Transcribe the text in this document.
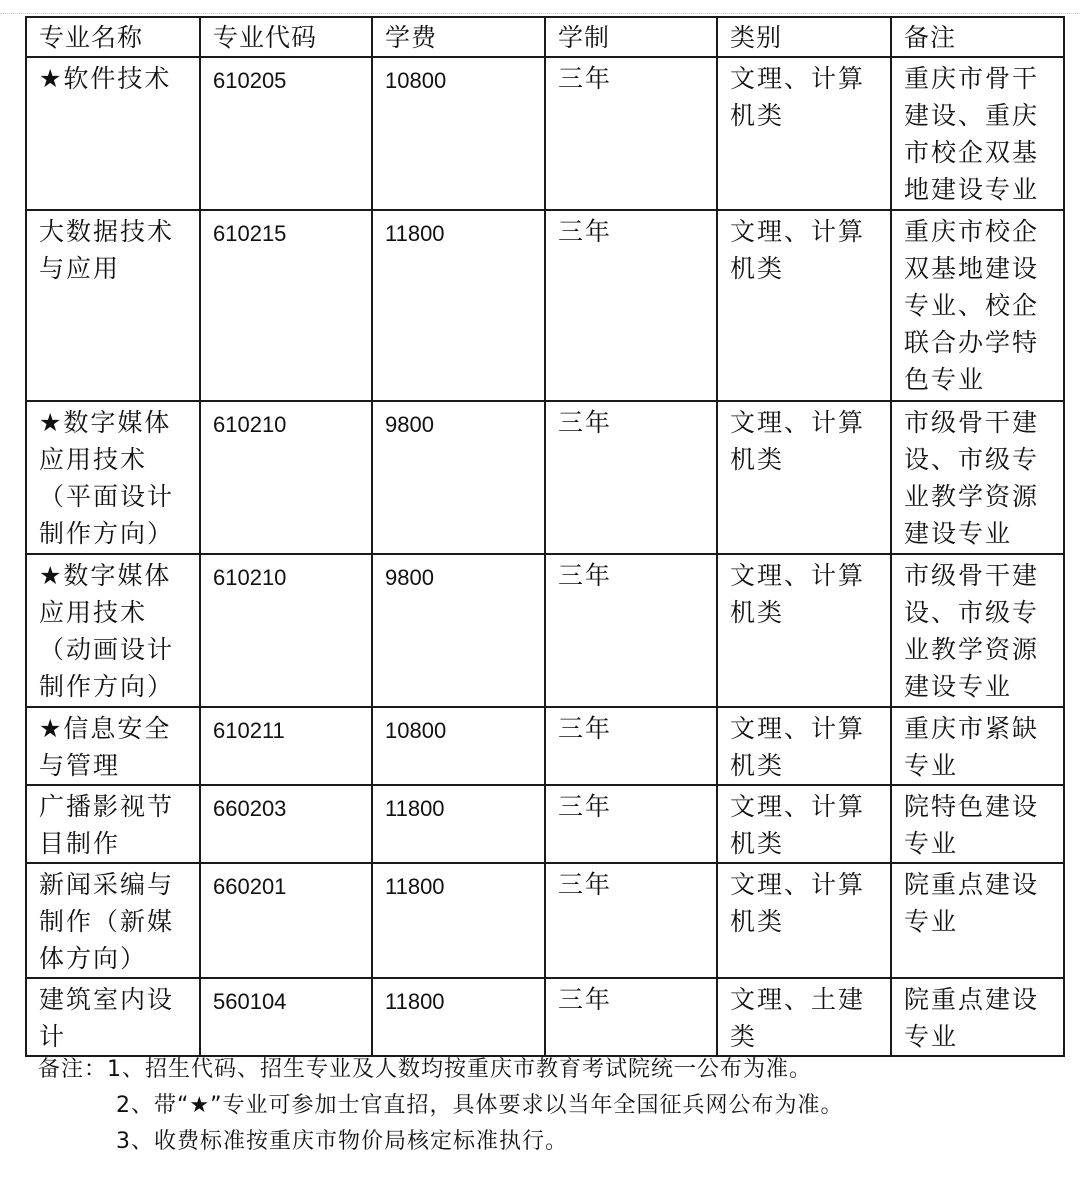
专业名称	专业代码	学费	学制	类别	备注
★软件技术	610205	10800	三年	文理、计算机类	重庆市骨干建设、重庆市校企双基地建设专业
大数据技术与应用	610215	11800	三年	文理、计算机类	重庆市校企双基地建设专业、校企联合办学特色专业
★数字媒体应用技术（平面设计制作方向）	610210	9800	三年	文理、计算机类	市级骨干建设、市级专业教学资源建设专业
★数字媒体应用技术（动画设计制作方向）	610210	9800	三年	文理、计算机类	市级骨干建设、市级专业教学资源建设专业
★信息安全与管理	610211	10800	三年	文理、计算机类	重庆市紧缺专业
广播影视节目制作	660203	11800	三年	文理、计算机类	院特色建设专业
新闻采编与制作（新媒体方向）	660201	11800	三年	文理、计算机类	院重点建设专业
建筑室内设计	560104	11800	三年	文理、土建类	院重点建设专业
备注：1、招生代码、招生专业及人数均按重庆市教育考试院统一公布为准。
2、带“★”专业可参加士官直招，具体要求以当年全国征兵网公布为准。
3、收费标准按重庆市物价局核定标准执行。
